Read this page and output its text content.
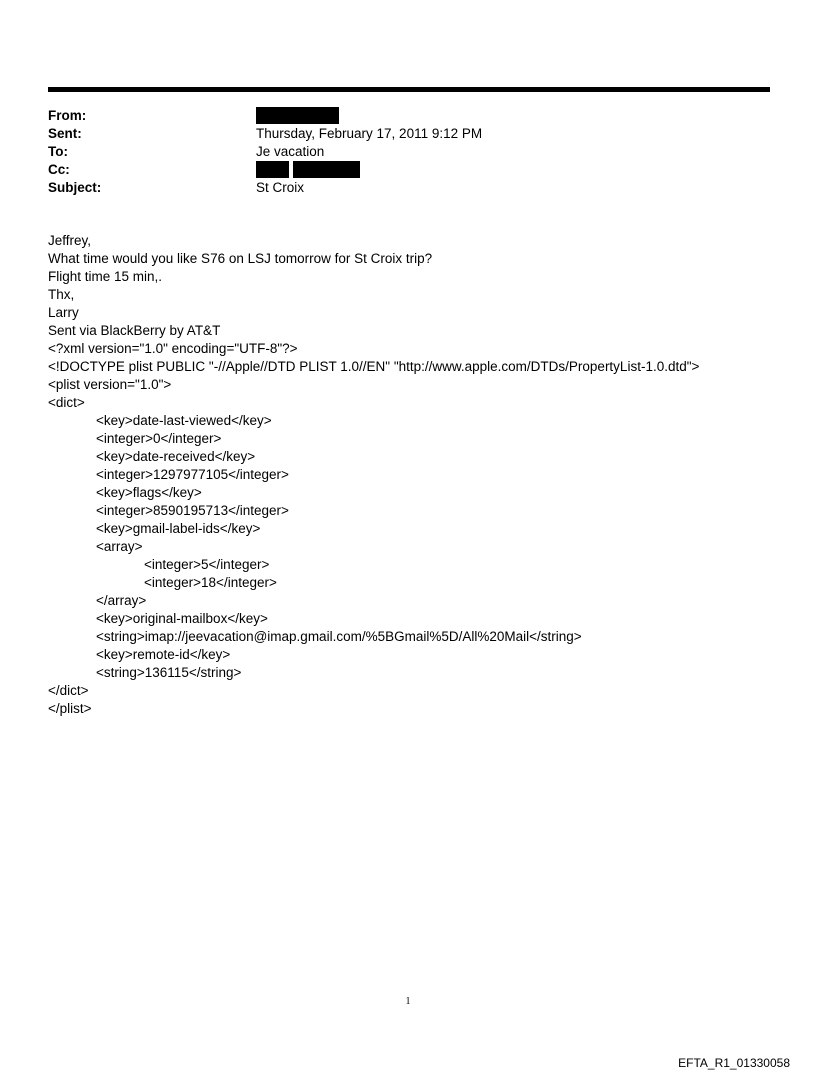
From:
Sent:	Thursday, February 17, 2011 9:12 PM
To:	Je vacation
Cc:
Subject:	St Croix
Jeffrey,
What time would you like S76 on LSJ tomorrow for St Croix trip?
Flight time 15 min,.
Thx,
Larry
Sent via BlackBerry by AT&T
<?xml version="1.0" encoding="UTF-8"?>
<!DOCTYPE plist PUBLIC "-//Apple//DTD PLIST 1.0//EN" "http://www.apple.com/DTDs/PropertyList-1.0.dtd">
<plist version="1.0">
<dict>
<key>date-last-viewed</key>
<integer>0</integer>
<key>date-received</key>
<integer>1297977105</integer>
<key>flags</key>
<integer>8590195713</integer>
<key>gmail-label-ids</key>
<array>
<integer>5</integer>
<integer>18</integer>
</array>
<key>original-mailbox</key>
<string>imap://jeevacation@imap.gmail.com/%5BGmail%5D/All%20Mail</string>
<key>remote-id</key>
<string>136115</string>
</dict>
</plist>
1
EFTA_R1_01330058
